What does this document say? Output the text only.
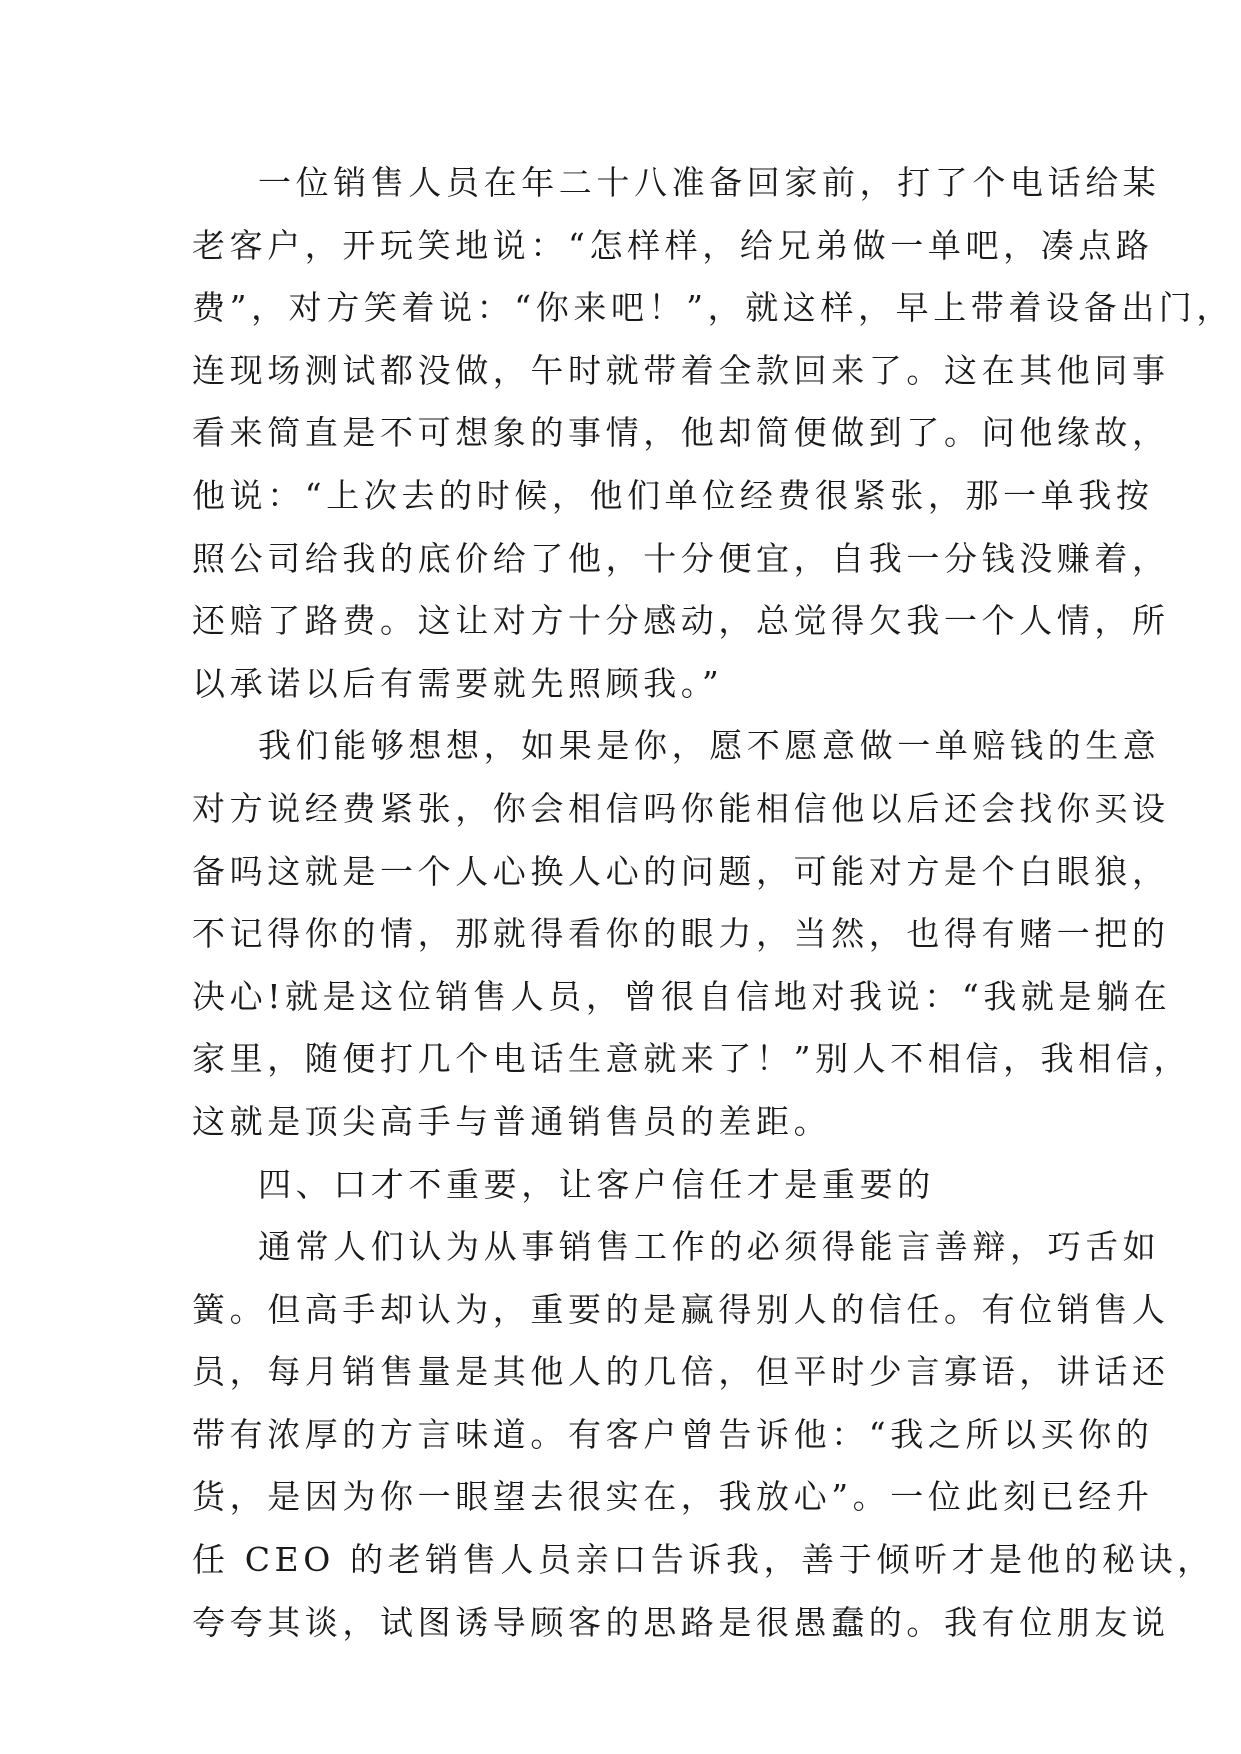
一位销售人员在年二十八准备回家前，打了个电话给某
老客户，开玩笑地说：“怎样样，给兄弟做一单吧，凑点路
费”，对方笑着说：“你来吧！”，就这样，早上带着设备出门，
连现场测试都没做，午时就带着全款回来了。这在其他同事
看来简直是不可想象的事情，他却简便做到了。问他缘故，
他说：“上次去的时候，他们单位经费很紧张，那一单我按
照公司给我的底价给了他，十分便宜，自我一分钱没赚着，
还赔了路费。这让对方十分感动，总觉得欠我一个人情，所
以承诺以后有需要就先照顾我。”
我们能够想想，如果是你，愿不愿意做一单赔钱的生意
对方说经费紧张，你会相信吗你能相信他以后还会找你买设
备吗这就是一个人心换人心的问题，可能对方是个白眼狼，
不记得你的情，那就得看你的眼力，当然，也得有赌一把的
决心!就是这位销售人员，曾很自信地对我说：“我就是躺在
家里，随便打几个电话生意就来了！”别人不相信，我相信，
这就是顶尖高手与普通销售员的差距。
四、口才不重要，让客户信任才是重要的
通常人们认为从事销售工作的必须得能言善辩，巧舌如
簧。但高手却认为，重要的是赢得别人的信任。有位销售人
员，每月销售量是其他人的几倍，但平时少言寡语，讲话还
带有浓厚的方言味道。有客户曾告诉他：“我之所以买你的
货，是因为你一眼望去很实在，我放心”。一位此刻已经升
任 CEO 的老销售人员亲口告诉我，善于倾听才是他的秘诀，
夸夸其谈，试图诱导顾客的思路是很愚蠢的。我有位朋友说
